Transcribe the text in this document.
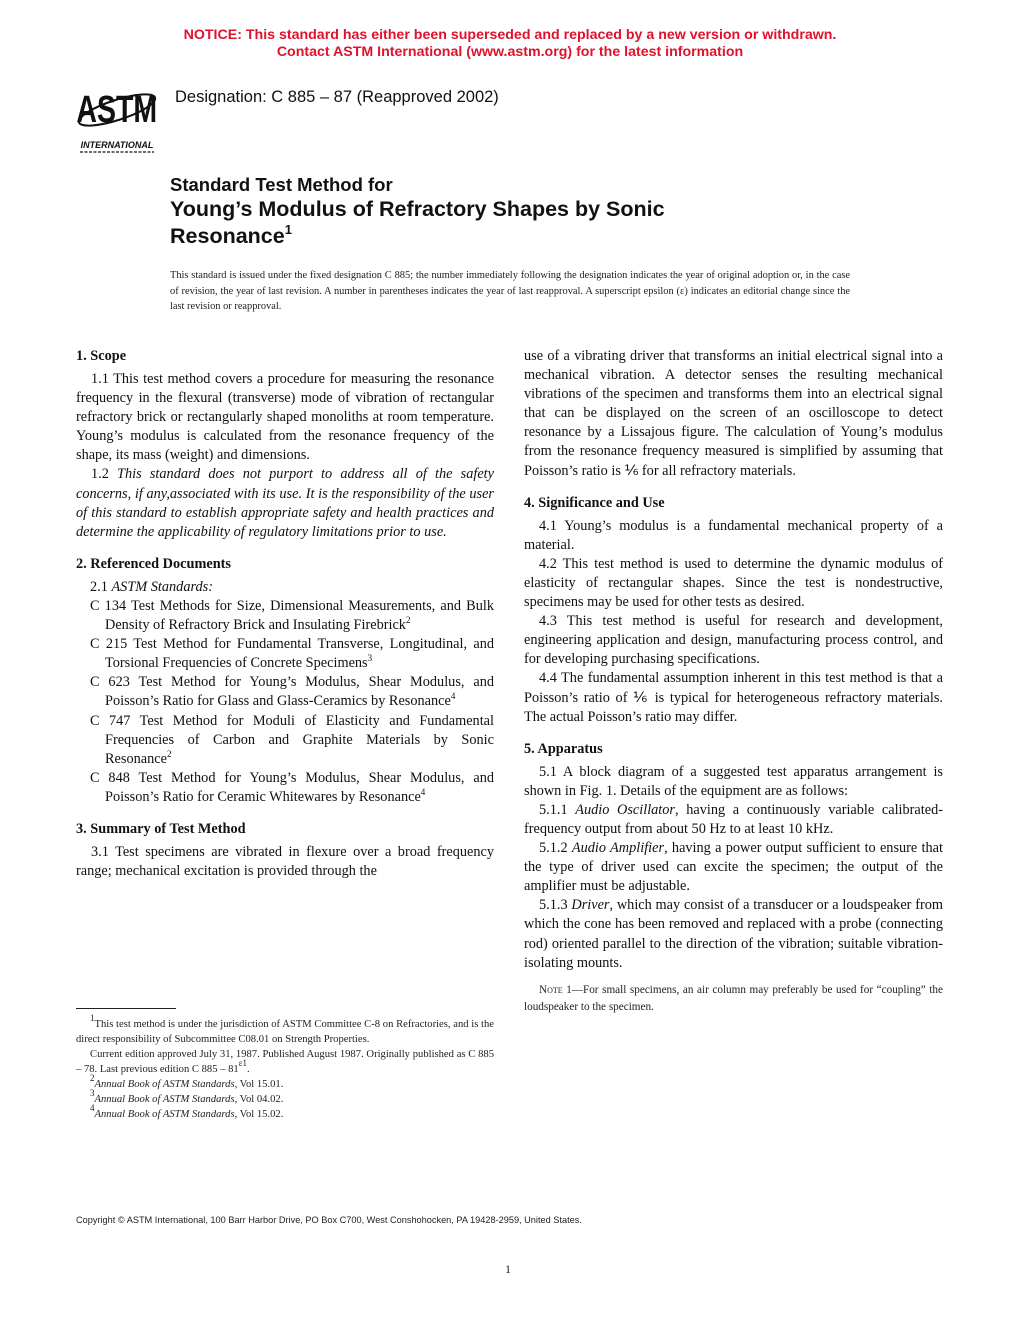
NOTICE: This standard has either been superseded and replaced by a new version or withdrawn.
Contact ASTM International (www.astm.org) for the latest information
ASTM
INTERNATIONAL
Designation: C 885 – 87 (Reapproved 2002)
Standard Test Method for
Young’s Modulus of Refractory Shapes by Sonic
Resonance$^1$
This standard is issued under the fixed designation C 885; the number immediately following the designation indicates the year of original adoption or, in the case of revision, the year of last revision. A number in parentheses indicates the year of last reapproval. A superscript epsilon (ε) indicates an editorial change since the last revision or reapproval.
1. Scope

1.1 This test method covers a procedure for measuring the resonance frequency in the flexural (transverse) mode of vibration of rectangular refractory brick or rectangularly shaped monoliths at room temperature. Young’s modulus is calculated from the resonance frequency of the shape, its mass (weight) and dimensions.

1.2 This standard does not purport to address all of the safety concerns, if any,associated with its use. It is the responsibility of the user of this standard to establish appropriate safety and health practices and determine the applicability of regulatory limitations prior to use.

2. Referenced Documents

2.1 ASTM Standards:

C 134 Test Methods for Size, Dimensional Measurements, and Bulk Density of Refractory Brick and Insulating Firebrick$^2$

C 215 Test Method for Fundamental Transverse, Longitudinal, and Torsional Frequencies of Concrete Specimens$^3$

C 623 Test Method for Young’s Modulus, Shear Modulus, and Poisson’s Ratio for Glass and Glass-Ceramics by Resonance$^4$

C 747 Test Method for Moduli of Elasticity and Fundamental Frequencies of Carbon and Graphite Materials by Sonic Resonance$^2$

C 848 Test Method for Young’s Modulus, Shear Modulus, and Poisson’s Ratio for Ceramic Whitewares by Resonance$^4$

3. Summary of Test Method

3.1 Test specimens are vibrated in flexure over a broad frequency range; mechanical excitation is provided through the

$^1$This test method is under the jurisdiction of ASTM Committee C-8 on Refractories, and is the direct responsibility of Subcommittee C08.01 on Strength Properties.

Current edition approved July 31, 1987. Published August 1987. Originally published as C 885 – 78. Last previous edition C 885 – 81$^{\varepsilon 1}$.

$^2$Annual Book of ASTM Standards, Vol 15.01.

$^3$Annual Book of ASTM Standards, Vol 04.02.

$^4$Annual Book of ASTM Standards, Vol 15.02.

use of a vibrating driver that transforms an initial electrical signal into a mechanical vibration. A detector senses the resulting mechanical vibrations of the specimen and transforms them into an electrical signal that can be displayed on the screen of an oscilloscope to detect resonance by a Lissajous figure. The calculation of Young’s modulus from the resonance frequency measured is simplified by assuming that Poisson’s ratio is ⅙ for all refractory materials.

4. Significance and Use

4.1 Young’s modulus is a fundamental mechanical property of a material.

4.2 This test method is used to determine the dynamic modulus of elasticity of rectangular shapes. Since the test is nondestructive, specimens may be used for other tests as desired.

4.3 This test method is useful for research and development, engineering application and design, manufacturing process control, and for developing purchasing specifications.

4.4 The fundamental assumption inherent in this test method is that a Poisson’s ratio of ⅙ is typical for heterogeneous refractory materials. The actual Poisson’s ratio may differ.

5. Apparatus

5.1 A block diagram of a suggested test apparatus arrangement is shown in Fig. 1. Details of the equipment are as follows:

5.1.1 Audio Oscillator, having a continuously variable calibrated-frequency output from about 50 Hz to at least 10 kHz.

5.1.2 Audio Amplifier, having a power output sufficient to ensure that the type of driver used can excite the specimen; the output of the amplifier must be adjustable.

5.1.3 Driver, which may consist of a transducer or a loudspeaker from which the cone has been removed and replaced with a probe (connecting rod) oriented parallel to the direction of the vibration; suitable vibration-isolating mounts.

Note 1—For small specimens, an air column may preferably be used for “coupling” the loudspeaker to the specimen.

Copyright © ASTM International, 100 Barr Harbor Drive, PO Box C700, West Conshohocken, PA 19428-2959, United States.
1
